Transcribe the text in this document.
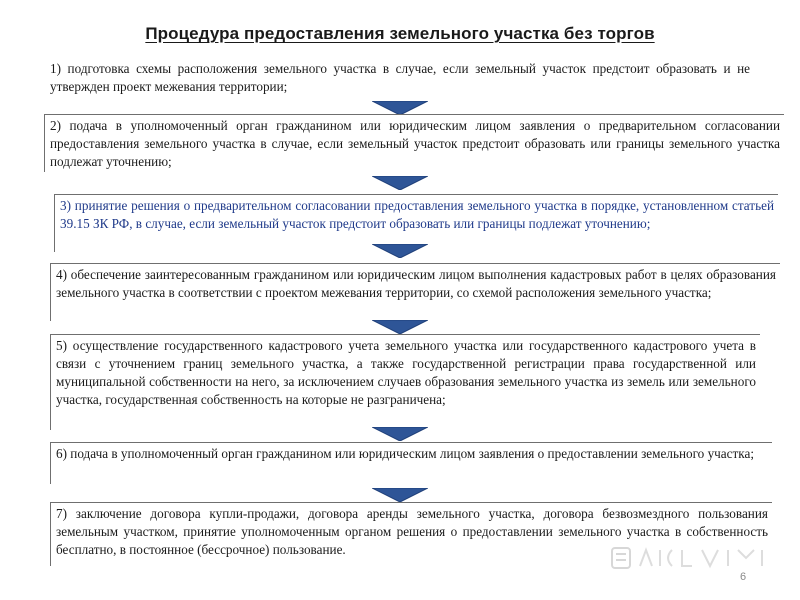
Процедура предоставления земельного участка без торгов
1) подготовка схемы расположения земельного участка в случае, если земельный участок предстоит образовать и не утвержден проект межевания территории;
2) подача в уполномоченный орган гражданином или юридическим лицом заявления о предварительном согласовании предоставления земельного участка в случае, если земельный участок предстоит образовать или границы земельного участка подлежат уточнению;
3) принятие решения о предварительном согласовании предоставления земельного участка в порядке, установленном статьей 39.15 ЗК РФ, в случае, если земельный участок предстоит образовать или границы подлежат уточнению;
4) обеспечение заинтересованным гражданином или юридическим лицом выполнения кадастровых работ в целях образования земельного участка в соответствии с проектом межевания территории, со схемой расположения земельного участка;
5) осуществление государственного кадастрового учета земельного участка или государственного кадастрового учета в связи с уточнением границ земельного участка, а также государственной регистрации права государственной или муниципальной собственности на него, за исключением случаев образования земельного участка из земель или земельного участка, государственная собственность на которые не разграничена;
6) подача в уполномоченный орган гражданином или юридическим лицом заявления о предоставлении земельного участка;
7) заключение договора купли-продажи, договора аренды земельного участка, договора безвозмездного пользования земельным участком, принятие уполномоченным органом решения о предоставлении земельного участка в собственность бесплатно, в постоянное (бессрочное) пользование.
6
